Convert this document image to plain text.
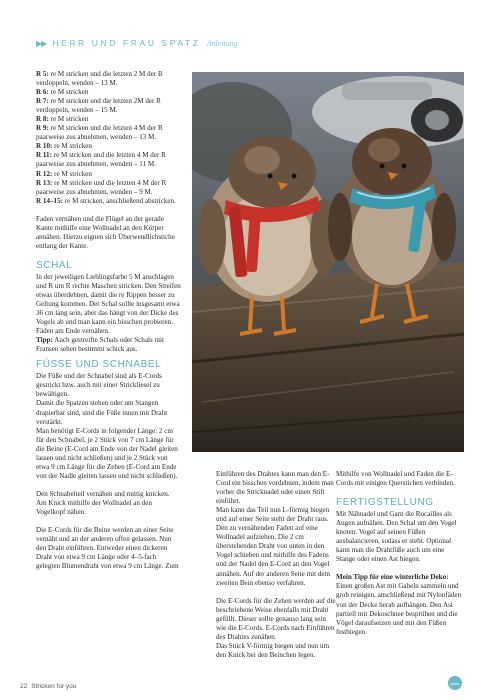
▶▶ HERR UND FRAU SPATZ Anleitung

R 5: re M stricken und die letzten 2 M der R verdoppeln, wenden – 13 M.

R 6: re M stricken

R 7: re M stricken und die letzten 2M der R verdoppeln, wenden – 15 M.

R 8: re M stricken

R 9: re M stricken und die letzten 4 M der R paarweise zus abnehmen, wenden – 13 M.

R 10: re M stricken

R 11: re M stricken und die letzten 4 M der R paarweise zus abnehmen, wenden – 11 M.

R 12: re M stricken

R 13: re M stricken und die letzten 4 M der R paarweise zus abnehmen, wenden – 9 M.

R 14–15: re M stricken, anschließend abstricken.

Faden vernähen und die Flügel an der gerade Kante mithilfe eine Wollnadel an den Körper annähen. Hierzu eignen sich Überwendlichstiche entlang der Kante.

SCHAL

In der jeweiligen Lieblingsfarbe 5 M anschlagen und R um R rechte Maschen stricken. Den Streifen etwas überdehnen, damit die re Rippen besser zu Geltung kommen. Der Schal sollte insgesamt etwa 36 cm lang sein, aber das hängt von der Dicke des Vogels ab und man kann ein bisschen probieren. Fäden am Ende vernähen.

Tipp: Auch gestreifte Schals oder Schals mit Fransen sehen bestimmt schick aus.

FÜSSE UND SCHNABEL

Die Füße und der Schnabel sind als E-Cords gestrickt bzw. auch mit einer Strickliesel zu bewältigen.

Damit die Spatzen stehen oder um Stangen drapierbar sind, sind die Füße innen mit Draht verstärkt.

Man benötigt E-Cords in folgender Länge: 2 cm für den Schnabel, je 2 Stück von 7 cm Länge für die Beine (E-Cord am Ende von der Nadel gleiten lassen und nicht schließen) und je 2 Stück von etwa 9 cm Länge für die Zehen (E-Cord am Ende von der Nadle gleiten lassen und nicht schließen).

Den Schnabelteil vernähen und mittig knicken. Am Knick mithilfe der Wollnadel an den Vogelkopf nähen.

Die E-Cords für die Beine werden an einer Seite vernäht und an der anderen offen gelassen. Nun den Draht einführen. Entweder einen dickeren Draht von etwa 9 cm Länge oder 4–5-fach gelegten Blumendraht von etwa 9 cm Länge. Zum

Einführen des Drahtes kann man den E-Cord ein bisschen vordehnen, indem man vorher die Stricknadel oder einen Stift einführt.

Man kann das Teil nun L-förmig biegen und auf einer Seite steht der Draht raus. Den zu vernähenden Faden auf eine Wollnadel aufziehen. Die 2 cm überstehenden Draht von unten in den Vogel schieben und mithilfe des Fadens und der Nadel den E-Cord an den Vogel annähen. Auf der anderen Seite mit dem zweiten Bein ebenso verfahren.

Die E-Cords für die Zehen werden auf die beschriebene Weise ebenfalls mit Draht gefüllt. Dieser sollte genauso lang sein wie die E-Cords. E-Cords nach Einführen des Drahtes zunähen.

Das Stück V-förmig biegen und nun um den Knick bei den Beinchen legen.

Mithilfe von Wollnadel und Faden die E-Cords mit einigen Querstichen verbinden.

FERTIGSTELLUNG

Mit Nähnadel und Garn die Rocailles als Augen aufnähen. Den Schal um den Vogel knoten. Vogel auf seinen Füßen ausbalancieren, sodass er steht. Optional kann man die Drahtfüße auch um eine Stange oder einen Ast biegen.

Mein Tipp für eine winterliche Deko:

Einen großen Ast mit Gabeln sammeln und grob reinigen, anschließend mit Nylonfäden von der Decke herab aufhängen. Den Ast partiell mit Dekoschnee besprühen und die Vögel daraufsetzen und mit den Füßen festbiegen.

www
22 Stricken for you
